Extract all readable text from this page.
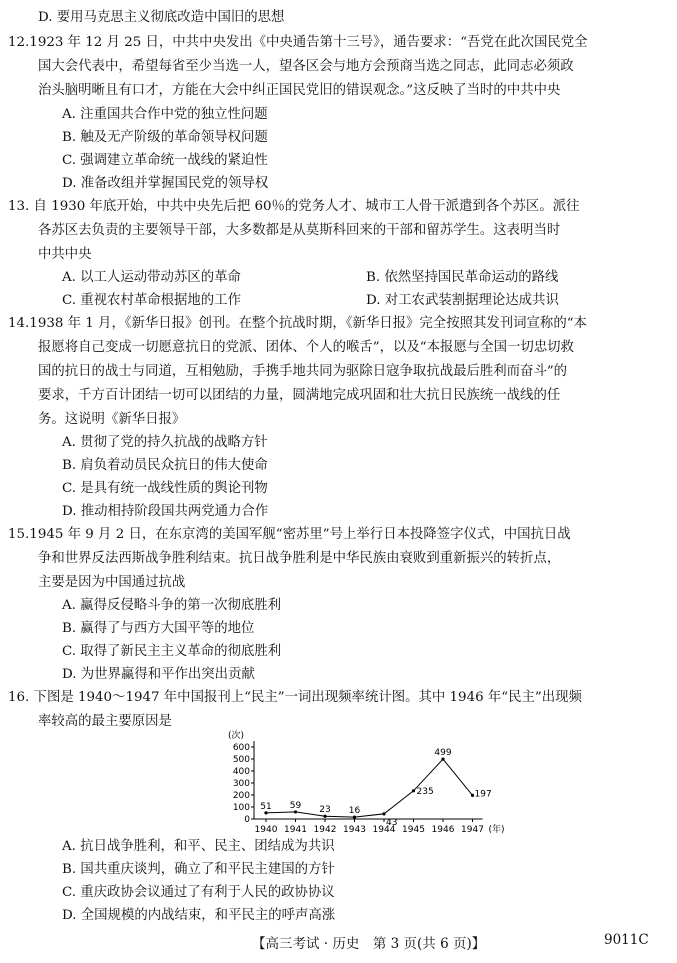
D. 要用马克思主义彻底改造中国旧的思想
12.1923 年 12 月 25 日，中共中央发出《中央通告第十三号》，通告要求：“吾党在此次国民党全
国大会代表中，希望每省至少当选一人，望各区会与地方会预商当选之同志，此同志必须政
治头脑明晰且有口才，方能在大会中纠正国民党旧的错误观念。”这反映了当时的中共中央
A. 注重国共合作中党的独立性问题
B. 触及无产阶级的革命领导权问题
C. 强调建立革命统一战线的紧迫性
D. 准备改组并掌握国民党的领导权
13. 自 1930 年底开始，中共中央先后把 60％的党务人才、城市工人骨干派遣到各个苏区。派往
各苏区去负责的主要领导干部，大多数都是从莫斯科回来的干部和留苏学生。这表明当时
中共中央
A. 以工人运动带动苏区的革命	B. 依然坚持国民革命运动的路线
C. 重视农村革命根据地的工作	D. 对工农武装割据理论达成共识
14.1938 年 1 月，《新华日报》创刊。在整个抗战时期，《新华日报》完全按照其发刊词宣称的“本
报愿将自己变成一切愿意抗日的党派、团体、个人的喉舌”，以及“本报愿与全国一切忠切救
国的抗日的战士与同道，互相勉励，手携手地共同为驱除日寇争取抗战最后胜利而奋斗”的
要求，千方百计团结一切可以团结的力量，圆满地完成巩固和壮大抗日民族统一战线的任
务。这说明《新华日报》
A. 贯彻了党的持久抗战的战略方针
B. 肩负着动员民众抗日的伟大使命
C. 是具有统一战线性质的舆论刊物
D. 推动相持阶段国共两党通力合作
15.1945 年 9 月 2 日，在东京湾的美国军舰“密苏里”号上举行日本投降签字仪式，中国抗日战
争和世界反法西斯战争胜利结束。抗日战争胜利是中华民族由衰败到重新振兴的转折点，
主要是因为中国通过抗战
A. 赢得反侵略斗争的第一次彻底胜利
B. 赢得了与西方大国平等的地位
C. 取得了新民主主义革命的彻底胜利
D. 为世界赢得和平作出突出贡献
16. 下图是 1940～1947 年中国报刊上“民主”一词出现频率统计图。其中 1946 年“民主”出现频
率较高的最主要原因是
0
100
200
300
400
500
600
(次)
1940 1941 1942 1943 1944 1945 1946 1947 (年)
51 59 23 16
43
235
499
197
A. 抗日战争胜利，和平、民主、团结成为共识
B. 国共重庆谈判，确立了和平民主建国的方针
C. 重庆政协会议通过了有利于人民的政协协议
D. 全国规模的内战结束，和平民主的呼声高涨
【高三考试 · 历史　第 3 页(共 6 页)】	9011C
